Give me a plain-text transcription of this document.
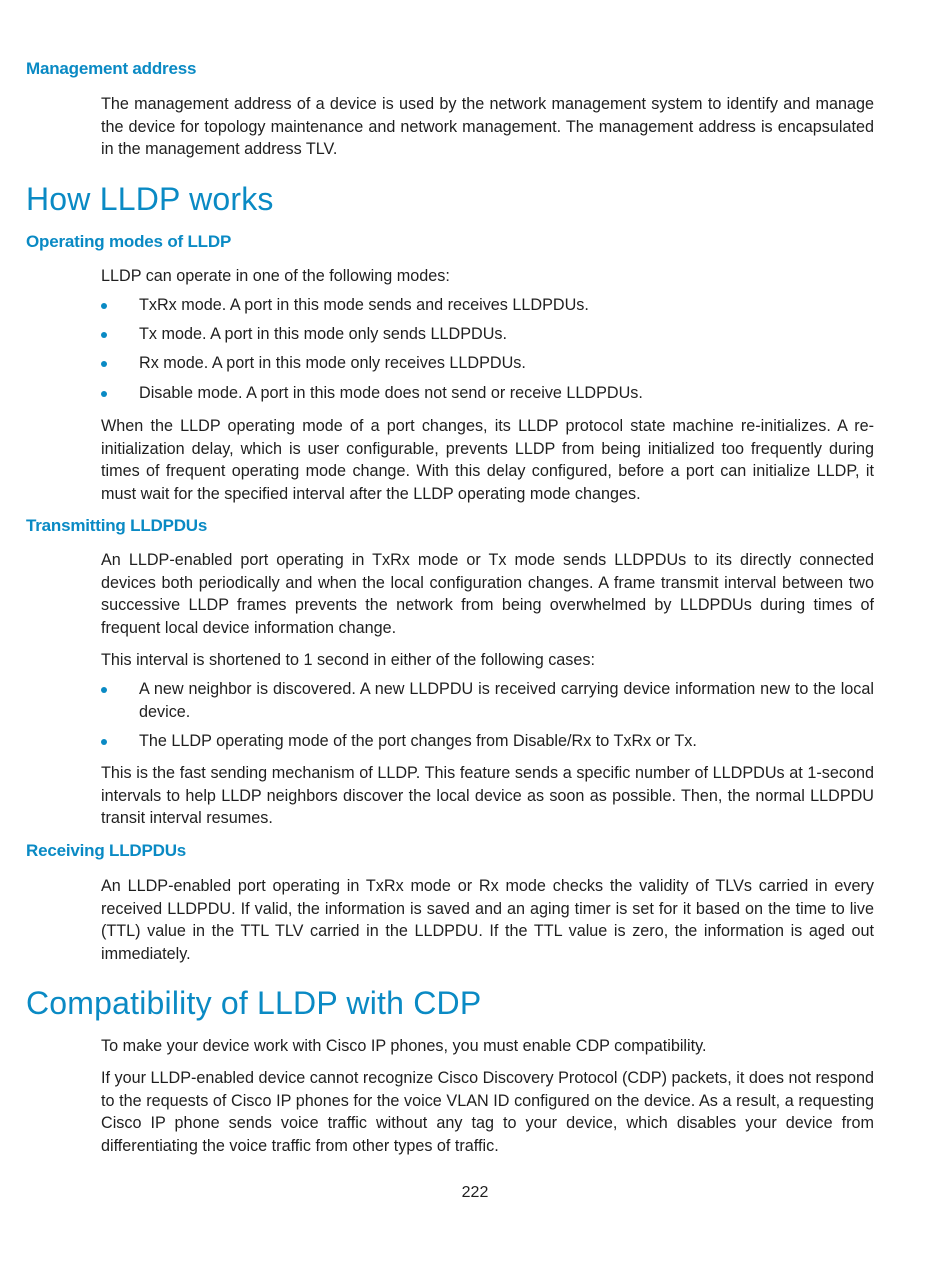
Management address

The management address of a device is used by the network management system to identify and manage the device for topology maintenance and network management. The management address is encapsulated in the management address TLV.

How LLDP works
Operating modes of LLDP

LLDP can operate in one of the following modes:

TxRx mode. A port in this mode sends and receives LLDPDUs.
Tx mode. A port in this mode only sends LLDPDUs.
Rx mode. A port in this mode only receives LLDPDUs.
Disable mode. A port in this mode does not send or receive LLDPDUs.

When the LLDP operating mode of a port changes, its LLDP protocol state machine re-initializes. A re-initialization delay, which is user configurable, prevents LLDP from being initialized too frequently during times of frequent operating mode change. With this delay configured, before a port can initialize LLDP, it must wait for the specified interval after the LLDP operating mode changes.

Transmitting LLDPDUs

An LLDP-enabled port operating in TxRx mode or Tx mode sends LLDPDUs to its directly connected devices both periodically and when the local configuration changes. A frame transmit interval between two successive LLDP frames prevents the network from being overwhelmed by LLDPDUs during times of frequent local device information change.

This interval is shortened to 1 second in either of the following cases:

A new neighbor is discovered. A new LLDPDU is received carrying device information new to the local device.
The LLDP operating mode of the port changes from Disable/Rx to TxRx or Tx.

This is the fast sending mechanism of LLDP. This feature sends a specific number of LLDPDUs at 1-second intervals to help LLDP neighbors discover the local device as soon as possible. Then, the normal LLDPDU transit interval resumes.

Receiving LLDPDUs

An LLDP-enabled port operating in TxRx mode or Rx mode checks the validity of TLVs carried in every received LLDPDU. If valid, the information is saved and an aging timer is set for it based on the time to live (TTL) value in the TTL TLV carried in the LLDPDU. If the TTL value is zero, the information is aged out immediately.

Compatibility of LLDP with CDP

To make your device work with Cisco IP phones, you must enable CDP compatibility.

If your LLDP-enabled device cannot recognize Cisco Discovery Protocol (CDP) packets, it does not respond to the requests of Cisco IP phones for the voice VLAN ID configured on the device. As a result, a requesting Cisco IP phone sends voice traffic without any tag to your device, which disables your device from differentiating the voice traffic from other types of traffic.

222
